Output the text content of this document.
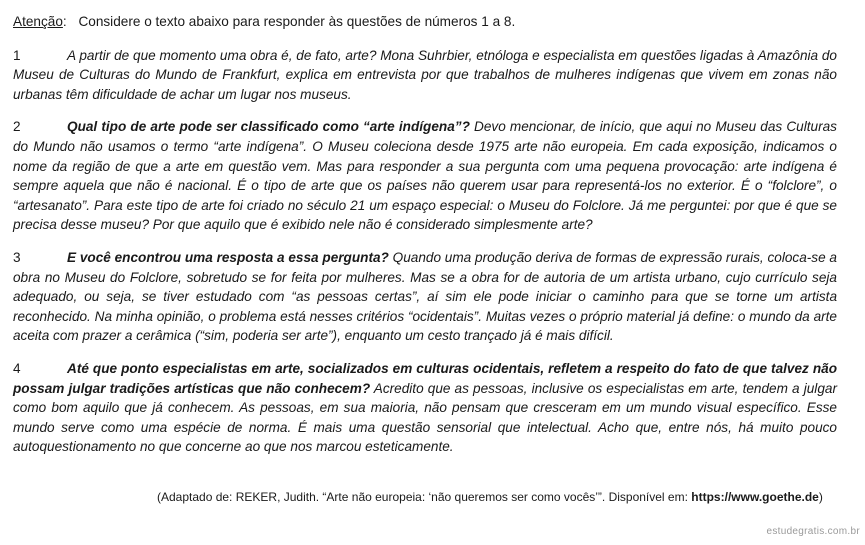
Atenção: Considere o texto abaixo para responder às questões de números 1 a 8.

1	A partir de que momento uma obra é, de fato, arte? Mona Suhrbier, etnóloga e especialista em questões ligadas à Amazônia do Museu de Culturas do Mundo de Frankfurt, explica em entrevista por que trabalhos de mulheres indígenas que vivem em zonas não urbanas têm dificuldade de achar um lugar nos museus.

2	Qual tipo de arte pode ser classificado como “arte indígena”? Devo mencionar, de início, que aqui no Museu das Culturas do Mundo não usamos o termo “arte indígena”. O Museu coleciona desde 1975 arte não europeia. Em cada exposição, indicamos o nome da região de que a arte em questão vem. Mas para responder a sua pergunta com uma pequena provocação: arte indígena é sempre aquela que não é nacional. É o tipo de arte que os países não querem usar para representá-los no exterior. É o “folclore”, o “artesanato”. Para este tipo de arte foi criado no século 21 um espaço especial: o Museu do Folclore. Já me perguntei: por que é que se precisa desse museu? Por que aquilo que é exibido nele não é considerado simplesmente arte?

3	E você encontrou uma resposta a essa pergunta? Quando uma produção deriva de formas de expressão rurais, coloca-se a obra no Museu do Folclore, sobretudo se for feita por mulheres. Mas se a obra for de autoria de um artista urbano, cujo currículo seja adequado, ou seja, se tiver estudado com “as pessoas certas”, aí sim ele pode iniciar o caminho para que se torne um artista reconhecido. Na minha opinião, o problema está nesses critérios “ocidentais”. Muitas vezes o próprio material já define: o mundo da arte aceita com prazer a cerâmica (“sim, poderia ser arte”), enquanto um cesto trançado já é mais difícil.

4	Até que ponto especialistas em arte, socializados em culturas ocidentais, refletem a respeito do fato de que talvez não possam julgar tradições artísticas que não conhecem? Acredito que as pessoas, inclusive os especialistas em arte, tendem a julgar como bom aquilo que já conhecem. As pessoas, em sua maioria, não pensam que cresceram em um mundo visual específico. Esse mundo serve como uma espécie de norma. É mais uma questão sensorial que intelectual. Acho que, entre nós, há muito pouco autoquestionamento no que concerne ao que nos marcou esteticamente.

(Adaptado de: REKER, Judith. “Arte não europeia: ‘não queremos ser como vocês’”. Disponível em: https://www.goethe.de)
estudegratis.com.br
